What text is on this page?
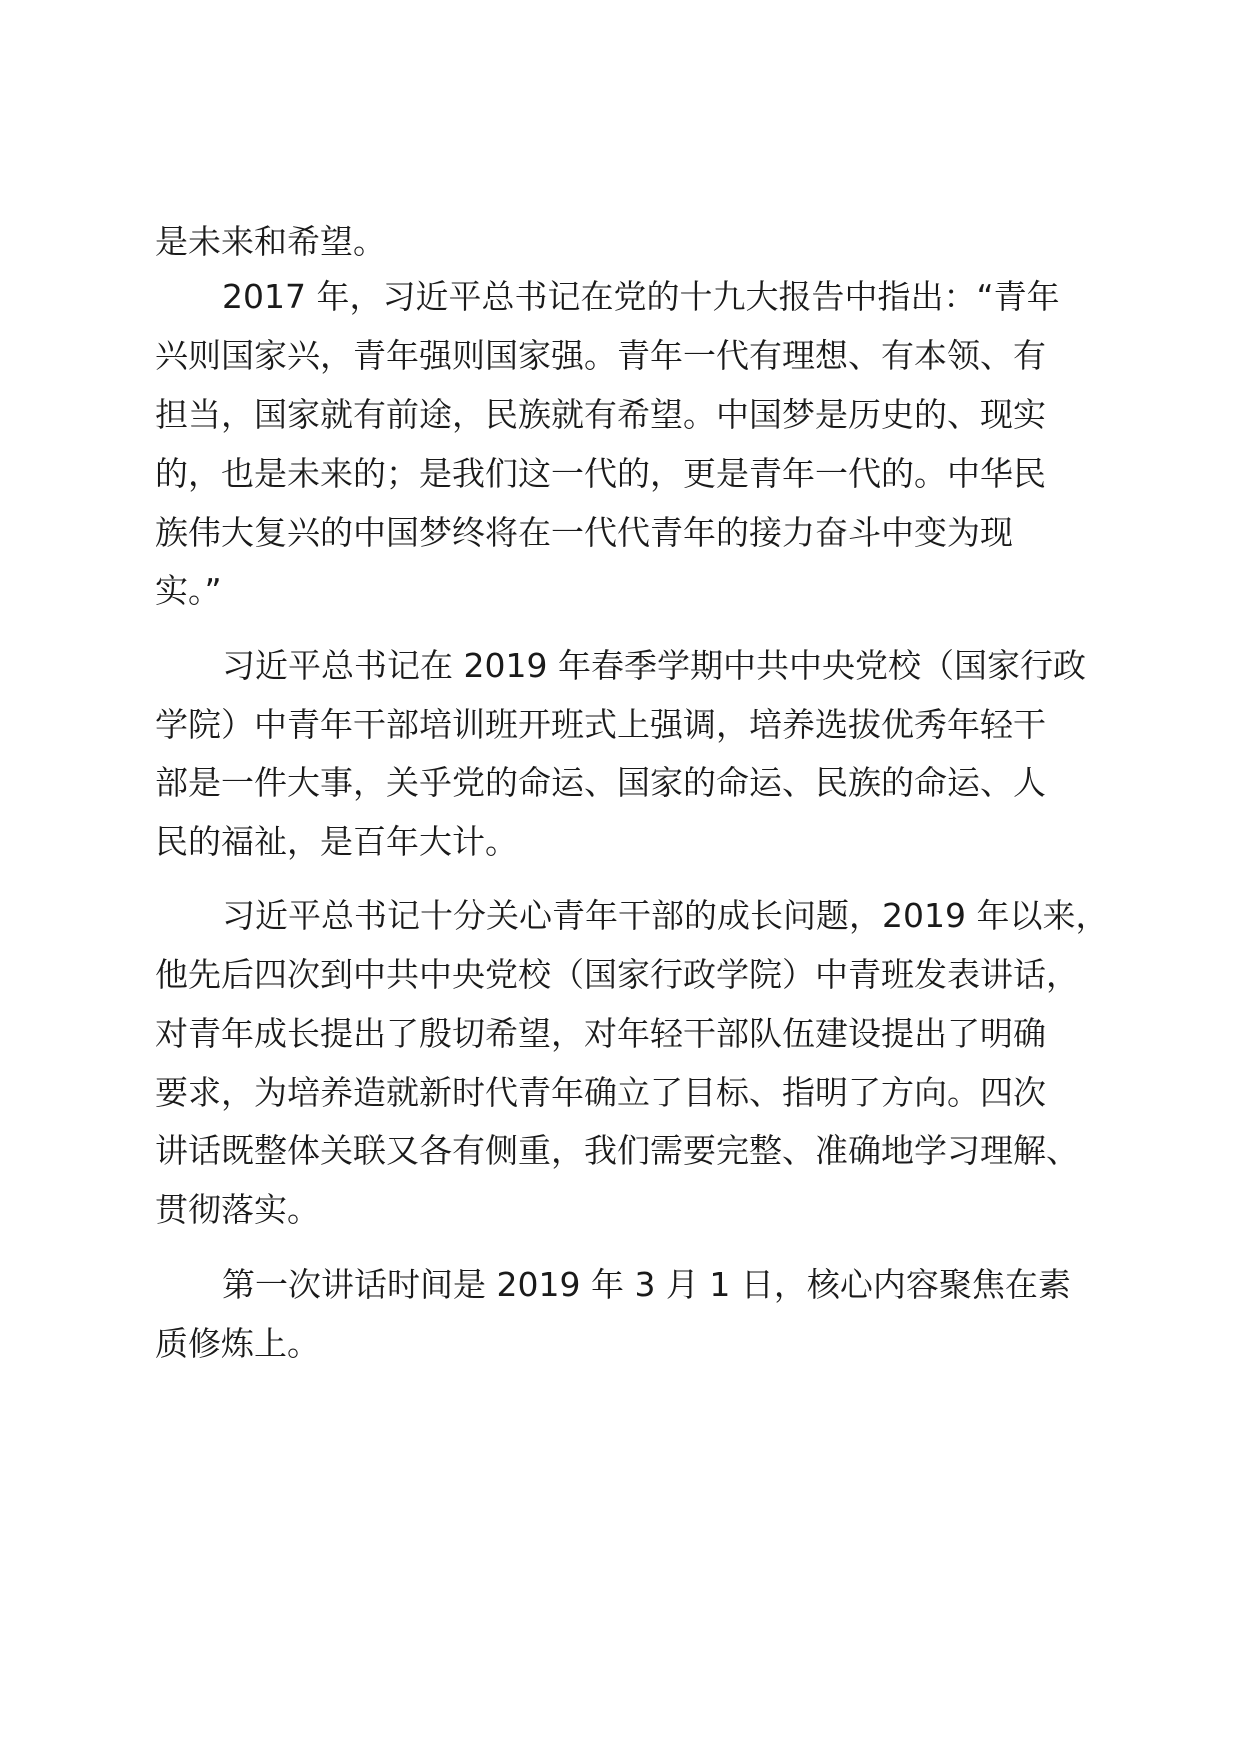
是未来和希望。

2017 年，习近平总书记在党的十九大报告中指出：“青年

兴则国家兴，青年强则国家强。青年一代有理想、有本领、有

担当，国家就有前途，民族就有希望。中国梦是历史的、现实

的，也是未来的；是我们这一代的，更是青年一代的。中华民

族伟大复兴的中国梦终将在一代代青年的接力奋斗中变为现

实。”

习近平总书记在 2019 年春季学期中共中央党校（国家行政

学院）中青年干部培训班开班式上强调，培养选拔优秀年轻干

部是一件大事，关乎党的命运、国家的命运、民族的命运、人

民的福祉，是百年大计。

习近平总书记十分关心青年干部的成长问题，2019 年以来，

他先后四次到中共中央党校（国家行政学院）中青班发表讲话，

对青年成长提出了殷切希望，对年轻干部队伍建设提出了明确

要求，为培养造就新时代青年确立了目标、指明了方向。四次

讲话既整体关联又各有侧重，我们需要完整、准确地学习理解、

贯彻落实。

第一次讲话时间是 2019 年 3 月 1 日，核心内容聚焦在素

质修炼上。
